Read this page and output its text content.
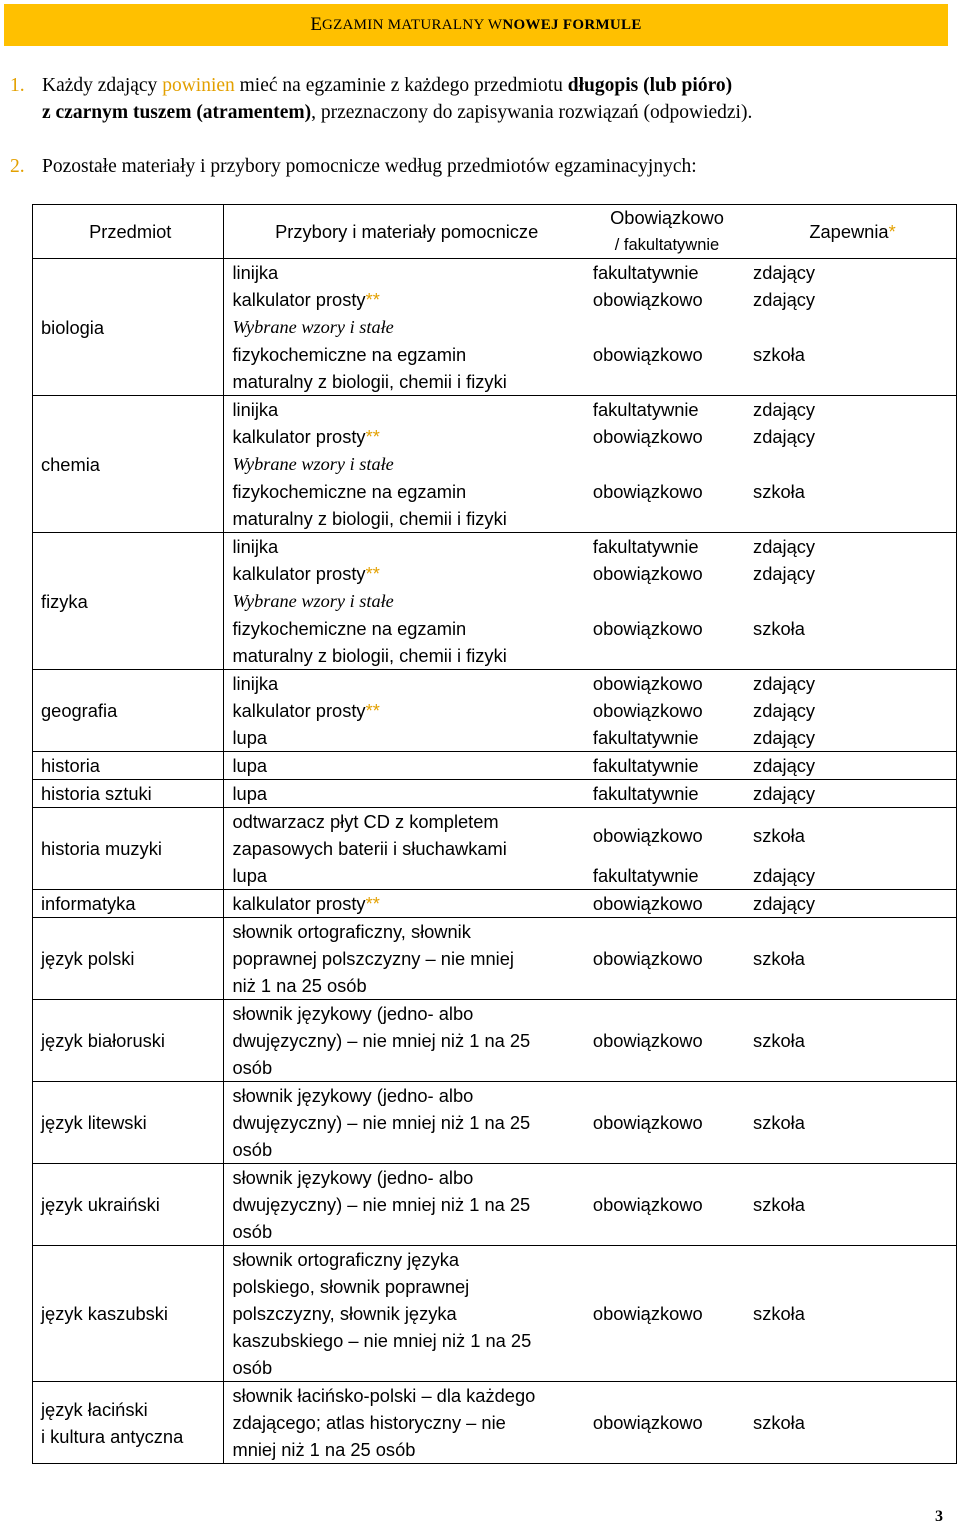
E GZAMIN MATURALNY W NOWEJ FORMULE
1. Każdy zdający powinien mieć na egzaminie z każdego przedmiotu długopis (lub pióro)
z czarnym tuszem (atramentem), przeznaczony do zapisywania rozwiązań (odpowiedzi).
2. Pozostałe materiały i przybory pomocnicze według przedmiotów egzaminacyjnych:
Przedmiot	Przybory i materiały pomocnicze	Obowiązkowo
/ fakultatywnie	Zapewnia*
biologia	linijka	fakultatywnie	zdający
	kalkulator prosty**	obowiązkowo	zdający
	Wybrane wzory i stałe
fizykochemiczne na egzamin
maturalny z biologii, chemii i fizyki	obowiązkowo	szkoła
chemia	linijka	fakultatywnie	zdający
	kalkulator prosty**	obowiązkowo	zdający
	Wybrane wzory i stałe
fizykochemiczne na egzamin
maturalny z biologii, chemii i fizyki	obowiązkowo	szkoła
fizyka	linijka	fakultatywnie	zdający
	kalkulator prosty**	obowiązkowo	zdający
	Wybrane wzory i stałe
fizykochemiczne na egzamin
maturalny z biologii, chemii i fizyki	obowiązkowo	szkoła
geografia	linijka	obowiązkowo	zdający
	kalkulator prosty**	obowiązkowo	zdający
	lupa	fakultatywnie	zdający
historia	lupa	fakultatywnie	zdający
historia sztuki	lupa	fakultatywnie	zdający
historia muzyki	odtwarzacz płyt CD z kompletem
zapasowych baterii i słuchawkami	obowiązkowo	szkoła
	lupa	fakultatywnie	zdający
informatyka	kalkulator prosty**	obowiązkowo	zdający
język polski	słownik ortograficzny, słownik
poprawnej polszczyzny – nie mniej
niż 1 na 25 osób	obowiązkowo	szkoła
język białoruski	słownik językowy (jedno- albo
dwujęzyczny) – nie mniej niż 1 na 25
osób	obowiązkowo	szkoła
język litewski	słownik językowy (jedno- albo
dwujęzyczny) – nie mniej niż 1 na 25
osób	obowiązkowo	szkoła
język ukraiński	słownik językowy (jedno- albo
dwujęzyczny) – nie mniej niż 1 na 25
osób	obowiązkowo	szkoła
język kaszubski	słownik ortograficzny języka
polskiego, słownik poprawnej
polszczyzny, słownik języka
kaszubskiego – nie mniej niż 1 na 25
osób	obowiązkowo	szkoła
język łaciński
i kultura antyczna	słownik łacińsko-polski – dla każdego
zdającego; atlas historyczny – nie
mniej niż 1 na 25 osób	obowiązkowo	szkoła
3
